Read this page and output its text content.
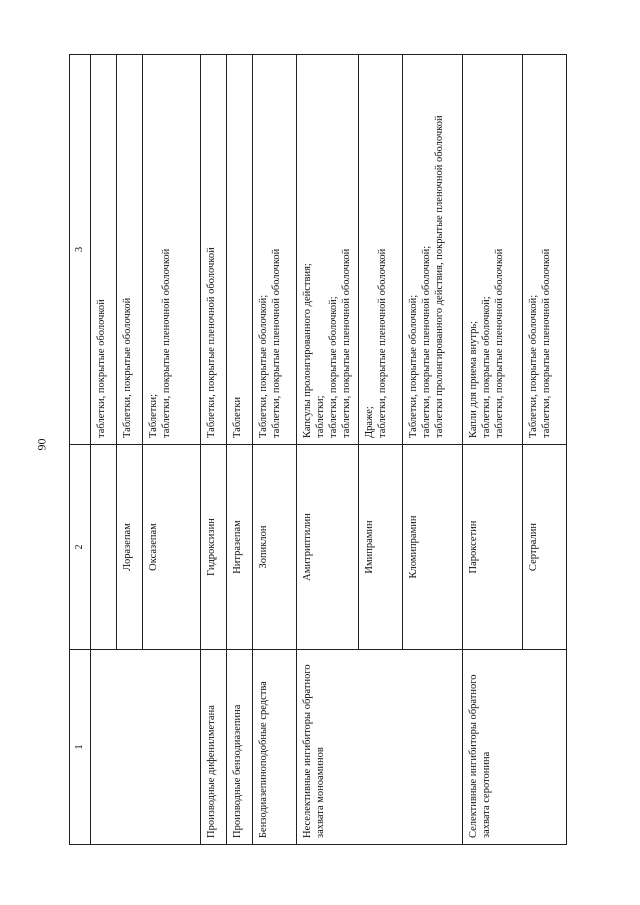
90
1	2	3

		таблетки, покрытые оболочкой

	Лоразепам	Таблетки, покрытые оболочкой

	Оксазепам	Таблетки; таблетки, покрытые пленочной оболочкой

Производные дифенилметана	Гидроксизин	Таблетки, покрытые пленочной оболочкой

Производные бензодиазепина	Нитразепам	Таблетки

Бензодиазепиноподобные средства	Зопиклон	Таблетки, покрытые оболочкой; таблетки, покрытые пленочной оболочкой

Неселективные ингибиторы обратного захвата моноаминов	Амитриптилин	Капсулы пролонгированного действия; таблетки; таблетки, покрытые оболочкой; таблетки, покрытые пленочной оболочкой

	Имипрамин	Драже; таблетки, покрытые пленочной оболочкой

	Кломипрамин	Таблетки, покрытые оболочкой; таблетки, покрытые пленочной оболочкой; таблетки пролонгированного действия, покрытые пленочной оболочкой

Селективные ингибиторы обратного захвата серотонина	Пароксетин	Капли для приема внутрь; таблетки, покрытые оболочкой; таблетки, покрытые пленочной оболочкой

	Сертралин	Таблетки, покрытые оболочкой; таблетки, покрытые пленочной оболочкой
